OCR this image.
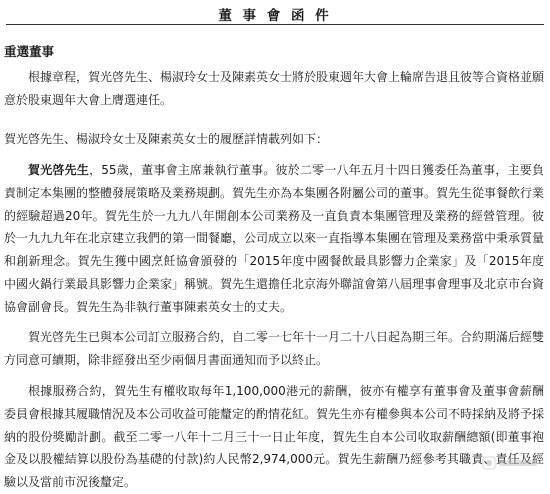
董 事 會 函 件
重選董事
根據章程，賀光啓先生、楊淑玲女士及陳素英女士將於股東週年大會上輪席告退且彼等合資格並願意於股東週年大會上膺選連任。
賀光啓先生、楊淑玲女士及陳素英女士的履歷詳情載列如下：
賀光啓先生，55歲，董事會主席兼執行董事。彼於二零一八年五月十四日獲委任為董事，主要負責制定本集團的整體發展策略及業務規劃。賀先生亦為本集團各附屬公司的董事。賀先生從事餐飲行業的經驗超過20年。賀先生於一九九八年開創本公司業務及一直負責本集團管理及業務的經營管理。彼於一九九九年在北京建立我們的第一間餐廳，公司成立以來一直指導本集團在管理及業務當中秉承質量和創新理念。賀先生獲中國烹飪協會頒發的「2015年度中國餐飲最具影響力企業家」及「2015年度中國火鍋行業最具影響力企業家」稱號。賀先生還擔任北京海外聯誼會第八屆理事會理事及北京市台資協會副會長。賀先生為非執行董事陳素英女士的丈夫。
賀光啓先生已與本公司訂立服務合約，自二零一七年十一月二十八日起為期三年。合約期滿后經雙方同意可續期，除非經發出至少兩個月書面通知而予以終止。
根據服務合約，賀先生有權收取每年1,100,000港元的薪酬，彼亦有權享有董事會及董事會薪酬委員會根據其履職情況及本公司收益可能釐定的酌情花紅。賀先生亦有權參與本公司不時採納及將予採納的股份獎勵計劃。截至二零一八年十二月三十一日止年度，賀先生自本公司收取薪酬總額(即董事袍金及以股權結算以股份為基礎的付款)約人民幣2,974,000元。賀先生薪酬乃經參考其職責、責任及經驗以及當前市況後釐定。
